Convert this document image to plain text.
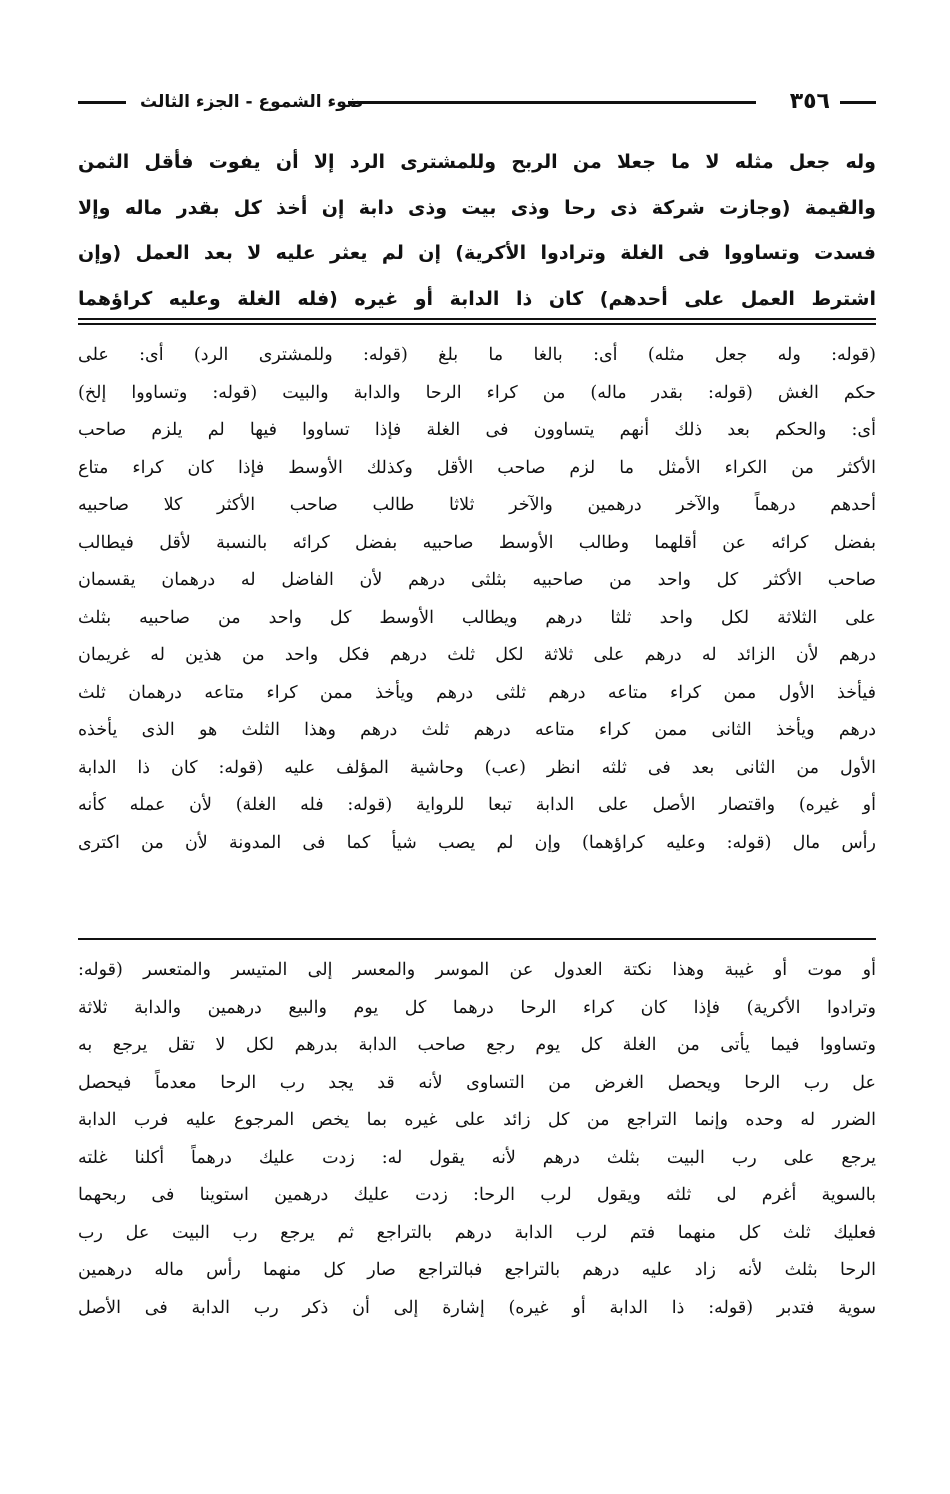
٣٥٦
ضوء الشموع - الجزء الثالث
وله جعل مثله لا ما جعلا من الربح وللمشترى الرد إلا أن يفوت فأقل الثمن
والقيمة (وجازت شركة ذى رحا وذى بيت وذى دابة إن أخذ كل بقدر ماله وإلا
فسدت وتساووا فى الغلة وترادوا الأكرية) إن لم يعثر عليه لا بعد العمل (وإن
اشترط العمل على أحدهم) كان ذا الدابة أو غيره (فله الغلة وعليه كراؤهما
(قوله: وله جعل مثله) أى: بالغا ما بلغ (قوله: وللمشترى الرد) أى: على
حكم الغش (قوله: بقدر ماله) من كراء الرحا والدابة والبيت (قوله: وتساووا إلخ)
أى: والحكم بعد ذلك أنهم يتساوون فى الغلة فإذا تساووا فيها لم يلزم صاحب
الأكثر من الكراء الأمثل ما لزم صاحب الأقل وكذلك الأوسط فإذا كان كراء متاع
أحدهم درهماً والآخر درهمين والآخر ثلاثا طالب صاحب الأكثر كلا صاحبيه
بفضل كرائه عن أقلهما وطالب الأوسط صاحبيه بفضل كرائه بالنسبة لأقل فيطالب
صاحب الأكثر كل واحد من صاحبيه بثلثى درهم لأن الفاضل له درهمان يقسمان
على الثلاثة لكل واحد ثلثا درهم ويطالب الأوسط كل واحد من صاحبيه بثلث
درهم لأن الزائد له درهم على ثلاثة لكل ثلث درهم فكل واحد من هذين له غريمان
فيأخذ الأول ممن كراء متاعه درهم ثلثى درهم ويأخذ ممن كراء متاعه درهمان ثلث
درهم ويأخذ الثانى ممن كراء متاعه درهم ثلث درهم وهذا الثلث هو الذى يأخذه
الأول من الثانى بعد فى ثلثه انظر (عب) وحاشية المؤلف عليه (قوله: كان ذا الدابة
أو غيره) واقتصار الأصل على الدابة تبعا للرواية (قوله: فله الغلة) لأن عمله كأنه
رأس مال (قوله: وعليه كراؤهما) وإن لم يصب شيأ كما فى المدونة لأن من اكترى
أو موت أو غيبة وهذا نكتة العدول عن الموسر والمعسر إلى المتيسر والمتعسر (قوله:
وترادوا الأكرية) فإذا كان كراء الرحا درهما كل يوم والبيع درهمين والدابة ثلاثة
وتساووا فيما يأتى من الغلة كل يوم رجع صاحب الدابة بدرهم لكل لا تقل يرجع به
عل رب الرحا ويحصل الغرض من التساوى لأنه قد يجد رب الرحا معدماً فيحصل
الضرر له وحده وإنما التراجع من كل زائد على غيره بما يخص المرجوع عليه فرب الدابة
يرجع على رب البيت بثلث درهم لأنه يقول له: زدت عليك درهماً أكلنا غلته
بالسوية أغرم لى ثلثه ويقول لرب الرحا: زدت عليك درهمين استوينا فى ربحهما
فعليك ثلث كل منهما فتم لرب الدابة درهم بالتراجع ثم يرجع رب البيت عل رب
الرحا بثلث لأنه زاد عليه درهم بالتراجع فبالتراجع صار كل منهما رأس ماله درهمين
سوية فتدبر (قوله: ذا الدابة أو غيره) إشارة إلى أن ذكر رب الدابة فى الأصل
